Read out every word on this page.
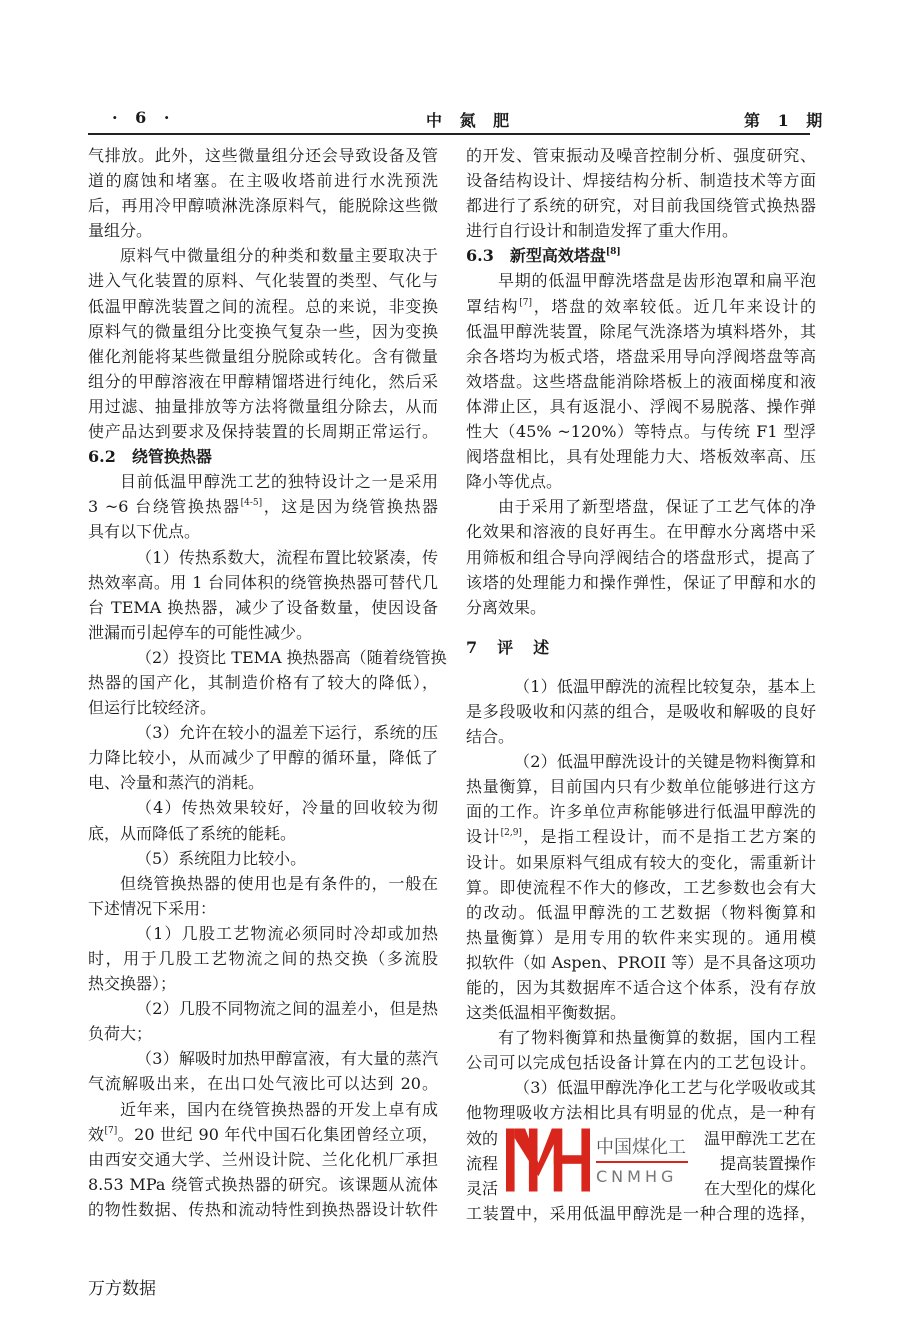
· 6 ·	中 氮 肥	第 1 期
气排放。此外，这些微量组分还会导致设备及管
道的腐蚀和堵塞。在主吸收塔前进行水洗预洗
后，再用冷甲醇喷淋洗涤原料气，能脱除这些微
量组分。
原料气中微量组分的种类和数量主要取决于
进入气化装置的原料、气化装置的类型、气化与
低温甲醇洗装置之间的流程。总的来说，非变换
原料气的微量组分比变换气复杂一些，因为变换
催化剂能将某些微量组分脱除或转化。含有微量
组分的甲醇溶液在甲醇精馏塔进行纯化，然后采
用过滤、抽量排放等方法将微量组分除去，从而
使产品达到要求及保持装置的长周期正常运行。
6.2　绕管换热器
目前低温甲醇洗工艺的独特设计之一是采用
3 ~6 台绕管换热器[4-5]，这是因为绕管换热器
具有以下优点。
（1）传热系数大，流程布置比较紧凑，传
热效率高。用 1 台同体积的绕管换热器可替代几
台 TEMA 换热器，减少了设备数量，使因设备
泄漏而引起停车的可能性减少。
（2）投资比 TEMA 换热器高（随着绕管换
热器的国产化，其制造价格有了较大的降低），
但运行比较经济。
（3）允许在较小的温差下运行，系统的压
力降比较小，从而减少了甲醇的循环量，降低了
电、冷量和蒸汽的消耗。
（4）传热效果较好，冷量的回收较为彻
底，从而降低了系统的能耗。
（5）系统阻力比较小。
但绕管换热器的使用也是有条件的，一般在
下述情况下采用：
（1）几股工艺物流必须同时冷却或加热
时，用于几股工艺物流之间的热交换（多流股
热交换器）；
（2）几股不同物流之间的温差小，但是热
负荷大；
（3）解吸时加热甲醇富液，有大量的蒸汽
气流解吸出来，在出口处气液比可以达到 20。
近年来，国内在绕管换热器的开发上卓有成
效[7]。20 世纪 90 年代中国石化集团曾经立项，
由西安交通大学、兰州设计院、兰化化机厂承担
8.53 MPa 绕管式换热器的研究。该课题从流体
的物性数据、传热和流动特性到换热器设计软件
的开发、管束振动及噪音控制分析、强度研究、
设备结构设计、焊接结构分析、制造技术等方面
都进行了系统的研究，对目前我国绕管式换热器
进行自行设计和制造发挥了重大作用。
6.3　新型高效塔盘[8]
早期的低温甲醇洗塔盘是齿形泡罩和扁平泡
罩结构[7]，塔盘的效率较低。近几年来设计的
低温甲醇洗装置，除尾气洗涤塔为填料塔外，其
余各塔均为板式塔，塔盘采用导向浮阀塔盘等高
效塔盘。这些塔盘能消除塔板上的液面梯度和液
体滞止区，具有返混小、浮阀不易脱落、操作弹
性大（45% ~120%）等特点。与传统 F1 型浮
阀塔盘相比，具有处理能力大、塔板效率高、压
降小等优点。
由于采用了新型塔盘，保证了工艺气体的净
化效果和溶液的良好再生。在甲醇水分离塔中采
用筛板和组合导向浮阀结合的塔盘形式，提高了
该塔的处理能力和操作弹性，保证了甲醇和水的
分离效果。
7　评　述
（1）低温甲醇洗的流程比较复杂，基本上
是多段吸收和闪蒸的组合，是吸收和解吸的良好
结合。
（2）低温甲醇洗设计的关键是物料衡算和
热量衡算，目前国内只有少数单位能够进行这方
面的工作。许多单位声称能够进行低温甲醇洗的
设计[2,9]，是指工程设计，而不是指工艺方案的
设计。如果原料气组成有较大的变化，需重新计
算。即使流程不作大的修改，工艺参数也会有大
的改动。低温甲醇洗的工艺数据（物料衡算和
热量衡算）是用专用的软件来实现的。通用模
拟软件（如 Aspen、PROII 等）是不具备这项功
能的，因为其数据库不适合这个体系，没有存放
这类低温相平衡数据。
有了物料衡算和热量衡算的数据，国内工程
公司可以完成包括设备计算在内的工艺包设计。
（3）低温甲醇洗净化工艺与化学吸收或其
他物理吸收方法相比具有明显的优点，是一种有
效的	温甲醇洗工艺在
流程	提高装置操作
灵活	在大型化的煤化
工装置中，采用低温甲醇洗是一种合理的选择，
中国煤化工
CNMHG
万方数据
